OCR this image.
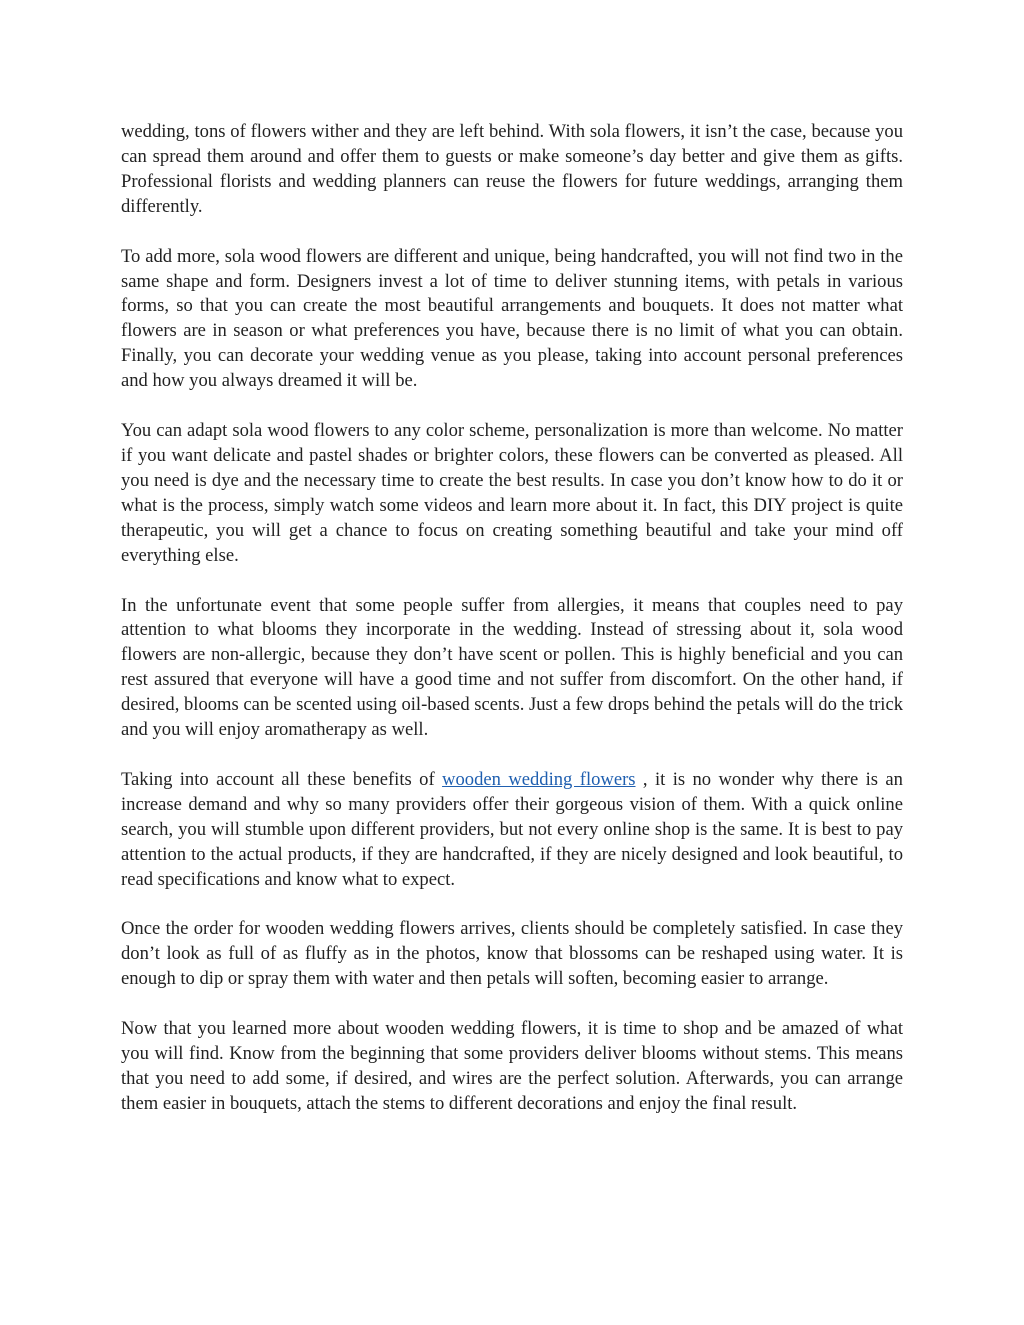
wedding, tons of flowers wither and they are left behind. With sola flowers, it isn’t the case, because you can spread them around and offer them to guests or make someone’s day better and give them as gifts. Professional florists and wedding planners can reuse the flowers for future weddings, arranging them differently.

To add more, sola wood flowers are different and unique, being handcrafted, you will not find two in the same shape and form. Designers invest a lot of time to deliver stunning items, with petals in various forms, so that you can create the most beautiful arrangements and bouquets. It does not matter what flowers are in season or what preferences you have, because there is no limit of what you can obtain. Finally, you can decorate your wedding venue as you please, taking into account personal preferences and how you always dreamed it will be.

You can adapt sola wood flowers to any color scheme, personalization is more than welcome. No matter if you want delicate and pastel shades or brighter colors, these flowers can be converted as pleased. All you need is dye and the necessary time to create the best results. In case you don’t know how to do it or what is the process, simply watch some videos and learn more about it. In fact, this DIY project is quite therapeutic, you will get a chance to focus on creating something beautiful and take your mind off everything else.

In the unfortunate event that some people suffer from allergies, it means that couples need to pay attention to what blooms they incorporate in the wedding. Instead of stressing about it, sola wood flowers are non-allergic, because they don’t have scent or pollen. This is highly beneficial and you can rest assured that everyone will have a good time and not suffer from discomfort. On the other hand, if desired, blooms can be scented using oil-based scents. Just a few drops behind the petals will do the trick and you will enjoy aromatherapy as well.

Taking into account all these benefits of wooden wedding flowers , it is no wonder why there is an increase demand and why so many providers offer their gorgeous vision of them. With a quick online search, you will stumble upon different providers, but not every online shop is the same. It is best to pay attention to the actual products, if they are handcrafted, if they are nicely designed and look beautiful, to read specifications and know what to expect.

Once the order for wooden wedding flowers arrives, clients should be completely satisfied. In case they don’t look as full of as fluffy as in the photos, know that blossoms can be reshaped using water. It is enough to dip or spray them with water and then petals will soften, becoming easier to arrange.

Now that you learned more about wooden wedding flowers, it is time to shop and be amazed of what you will find. Know from the beginning that some providers deliver blooms without stems. This means that you need to add some, if desired, and wires are the perfect solution. Afterwards, you can arrange them easier in bouquets, attach the stems to different decorations and enjoy the final result.
